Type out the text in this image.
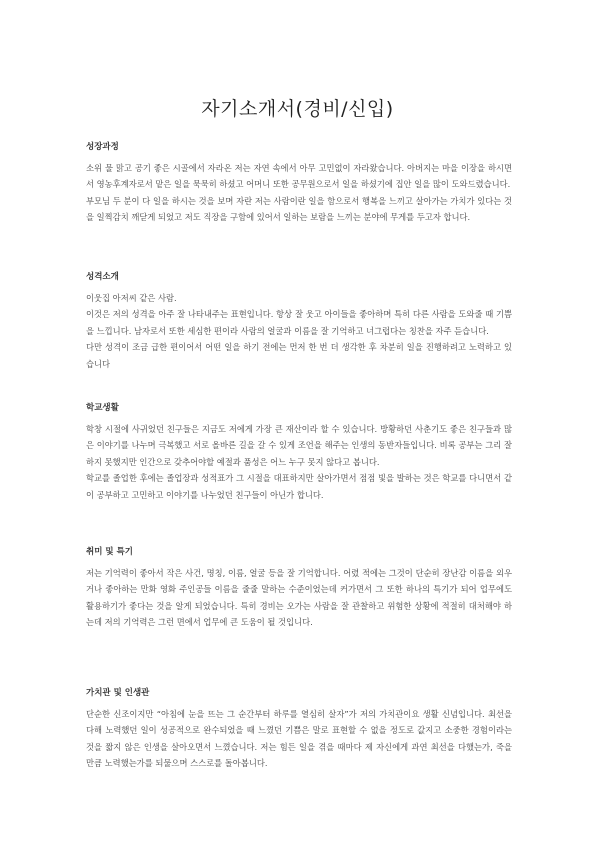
자기소개서(경비/신입)
성장과정
소위 물 맑고 공기 좋은 시골에서 자라온 저는 자연 속에서 아무 고민없이 자라왔습니다. 아버지는 마을 이장을 하시면서 영농후계자로서 맡은 일을 묵묵히 하셨고 어머니 또한 공무원으로서 일을 하셨기에 집안 일을 많이 도와드렸습니다.
부모님 두 분이 다 일을 하시는 것을 보며 자란 저는 사람이란 일을 함으로서 행복을 느끼고 살아가는 가치가 있다는 것을 일찍감치 깨닫게 되었고 저도 직장을 구함에 있어서 일하는 보람을 느끼는 분야에 무게를 두고자 합니다.
성격소개
이웃집 아저씨 같은 사람.
이것은 저의 성격을 아주 잘 나타내주는 표현입니다. 항상 잘 웃고 아이들을 좋아하며 특히 다른 사람을 도와줄 때 기쁨을 느낍니다. 남자로서 또한 세심한 편이라 사람의 얼굴과 이름을 잘 기억하고 너그럽다는 칭찬을 자주 듣습니다.
다만 성격이 조금 급한 편이어서 어떤 일을 하기 전에는 먼저 한 번 더 생각한 후 차분히 일을 진행하려고 노력하고 있습니다
학교생활
학창 시절에 사귀었던 친구들은 지금도 저에게 가장 큰 재산이라 할 수 있습니다. 방황하던 사춘기도 좋은 친구들과 많은 이야기를 나누며 극복했고 서로 올바른 길을 갈 수 있게 조언을 해주는 인생의 동반자들입니다. 비록 공부는 그리 잘하지 못했지만 인간으로 갖추어야할 예절과 품성은 어느 누구 못지 않다고 봅니다.
학교를 졸업한 후에는 졸업장과 성적표가 그 시절을 대표하지만 살아가면서 점점 빛을 발하는 것은 학교를 다니면서 같이 공부하고 고민하고 이야기를 나누었던 친구들이 아닌가 합니다.
취미 및 특기
저는 기억력이 좋아서 작은 사건, 명칭, 이름, 얼굴 등을 잘 기억합니다. 어렸 적에는 그것이 단순히 장난감 이름을 외우거나 좋아하는 만화 영화 주인공들 이름을 줄줄 말하는 수준이었는데 커가면서 그 또한 하나의 특기가 되어 업무에도 활용하기가 좋다는 것을 알게 되었습니다. 특히 경비는 오가는 사람을 잘 관찰하고 위험한 상황에 적절히 대처해야 하는데 저의 기억력은 그런 면에서 업무에 큰 도움이 될 것입니다.
가치관 및 인생관
단순한 신조이지만 “아침에 눈을 뜨는 그 순간부터 하루를 열심히 살자”가 저의 가치관이요 생활 신념입니다. 최선을 다해 노력했던 일이 성공적으로 완수되었을 때 느꼈던 기쁨은 말로 표현할 수 없을 정도로 값지고 소중한 경험이라는 것을 짧지 않은 인생을 살아오면서 느꼈습니다. 저는 힘든 일을 겪을 때마다 제 자신에게 과연 최선을 다했는가, 죽을 만큼 노력했는가를 되물으며 스스로를 돌아봅니다.
